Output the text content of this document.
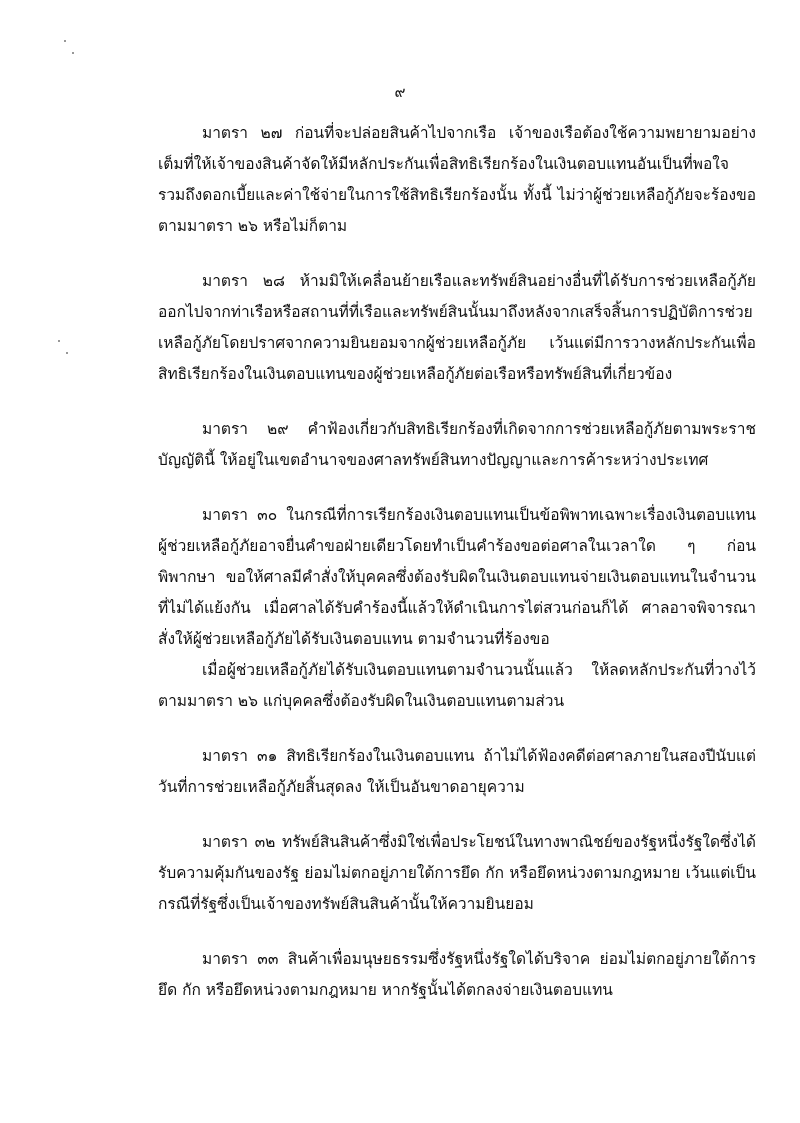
๙

มาตรา ๒๗ ก่อนที่จะปล่อยสินค้าไปจากเรือ เจ้าของเรือต้องใช้ความพยายามอย่างเต็มที่ให้เจ้าของสินค้าจัดให้มีหลักประกันเพื่อสิทธิเรียกร้องในเงินตอบแทนอันเป็นที่พอใจ รวมถึงดอกเบี้ยและค่าใช้จ่ายในการใช้สิทธิเรียกร้องนั้น ทั้งนี้ ไม่ว่าผู้ช่วยเหลือกู้ภัยจะร้องขอตามมาตรา ๒๖ หรือไม่ก็ตาม

มาตรา ๒๘ ห้ามมิให้เคลื่อนย้ายเรือและทรัพย์สินอย่างอื่นที่ได้รับการช่วยเหลือกู้ภัยออกไปจากท่าเรือหรือสถานที่ที่เรือและทรัพย์สินนั้นมาถึงหลังจากเสร็จสิ้นการปฏิบัติการช่วยเหลือกู้ภัยโดยปราศจากความยินยอมจากผู้ช่วยเหลือกู้ภัย เว้นแต่มีการวางหลักประกันเพื่อสิทธิเรียกร้องในเงินตอบแทนของผู้ช่วยเหลือกู้ภัยต่อเรือหรือทรัพย์สินที่เกี่ยวข้อง

มาตรา ๒๙ คำฟ้องเกี่ยวกับสิทธิเรียกร้องที่เกิดจากการช่วยเหลือกู้ภัยตามพระราชบัญญัตินี้ ให้อยู่ในเขตอำนาจของศาลทรัพย์สินทางปัญญาและการค้าระหว่างประเทศ

มาตรา ๓๐ ในกรณีที่การเรียกร้องเงินตอบแทนเป็นข้อพิพาทเฉพาะเรื่องเงินตอบแทนผู้ช่วยเหลือกู้ภัยอาจยื่นคำขอฝ่ายเดียวโดยทำเป็นคำร้องขอต่อศาลในเวลาใด ๆ ก่อนพิพากษา ขอให้ศาลมีคำสั่งให้บุคคลซึ่งต้องรับผิดในเงินตอบแทนจ่ายเงินตอบแทนในจำนวนที่ไม่ได้แย้งกัน เมื่อศาลได้รับคำร้องนี้แล้วให้ดำเนินการไต่สวนก่อนก็ได้ ศาลอาจพิจารณาสั่งให้ผู้ช่วยเหลือกู้ภัยได้รับเงินตอบแทน ตามจำนวนที่ร้องขอ

เมื่อผู้ช่วยเหลือกู้ภัยได้รับเงินตอบแทนตามจำนวนนั้นแล้ว ให้ลดหลักประกันที่วางไว้ตามมาตรา ๒๖ แก่บุคคลซึ่งต้องรับผิดในเงินตอบแทนตามส่วน

มาตรา ๓๑ สิทธิเรียกร้องในเงินตอบแทน ถ้าไม่ได้ฟ้องคดีต่อศาลภายในสองปีนับแต่วันที่การช่วยเหลือกู้ภัยสิ้นสุดลง ให้เป็นอันขาดอายุความ

มาตรา ๓๒ ทรัพย์สินสินค้าซึ่งมิใช่เพื่อประโยชน์ในทางพาณิชย์ของรัฐหนึ่งรัฐใดซึ่งได้รับความคุ้มกันของรัฐ ย่อมไม่ตกอยู่ภายใต้การยึด กัก หรือยึดหน่วงตามกฎหมาย เว้นแต่เป็นกรณีที่รัฐซึ่งเป็นเจ้าของทรัพย์สินสินค้านั้นให้ความยินยอม

มาตรา ๓๓ สินค้าเพื่อมนุษยธรรมซึ่งรัฐหนึ่งรัฐใดได้บริจาค ย่อมไม่ตกอยู่ภายใต้การยึด กัก หรือยึดหน่วงตามกฎหมาย หากรัฐนั้นได้ตกลงจ่ายเงินตอบแทน
